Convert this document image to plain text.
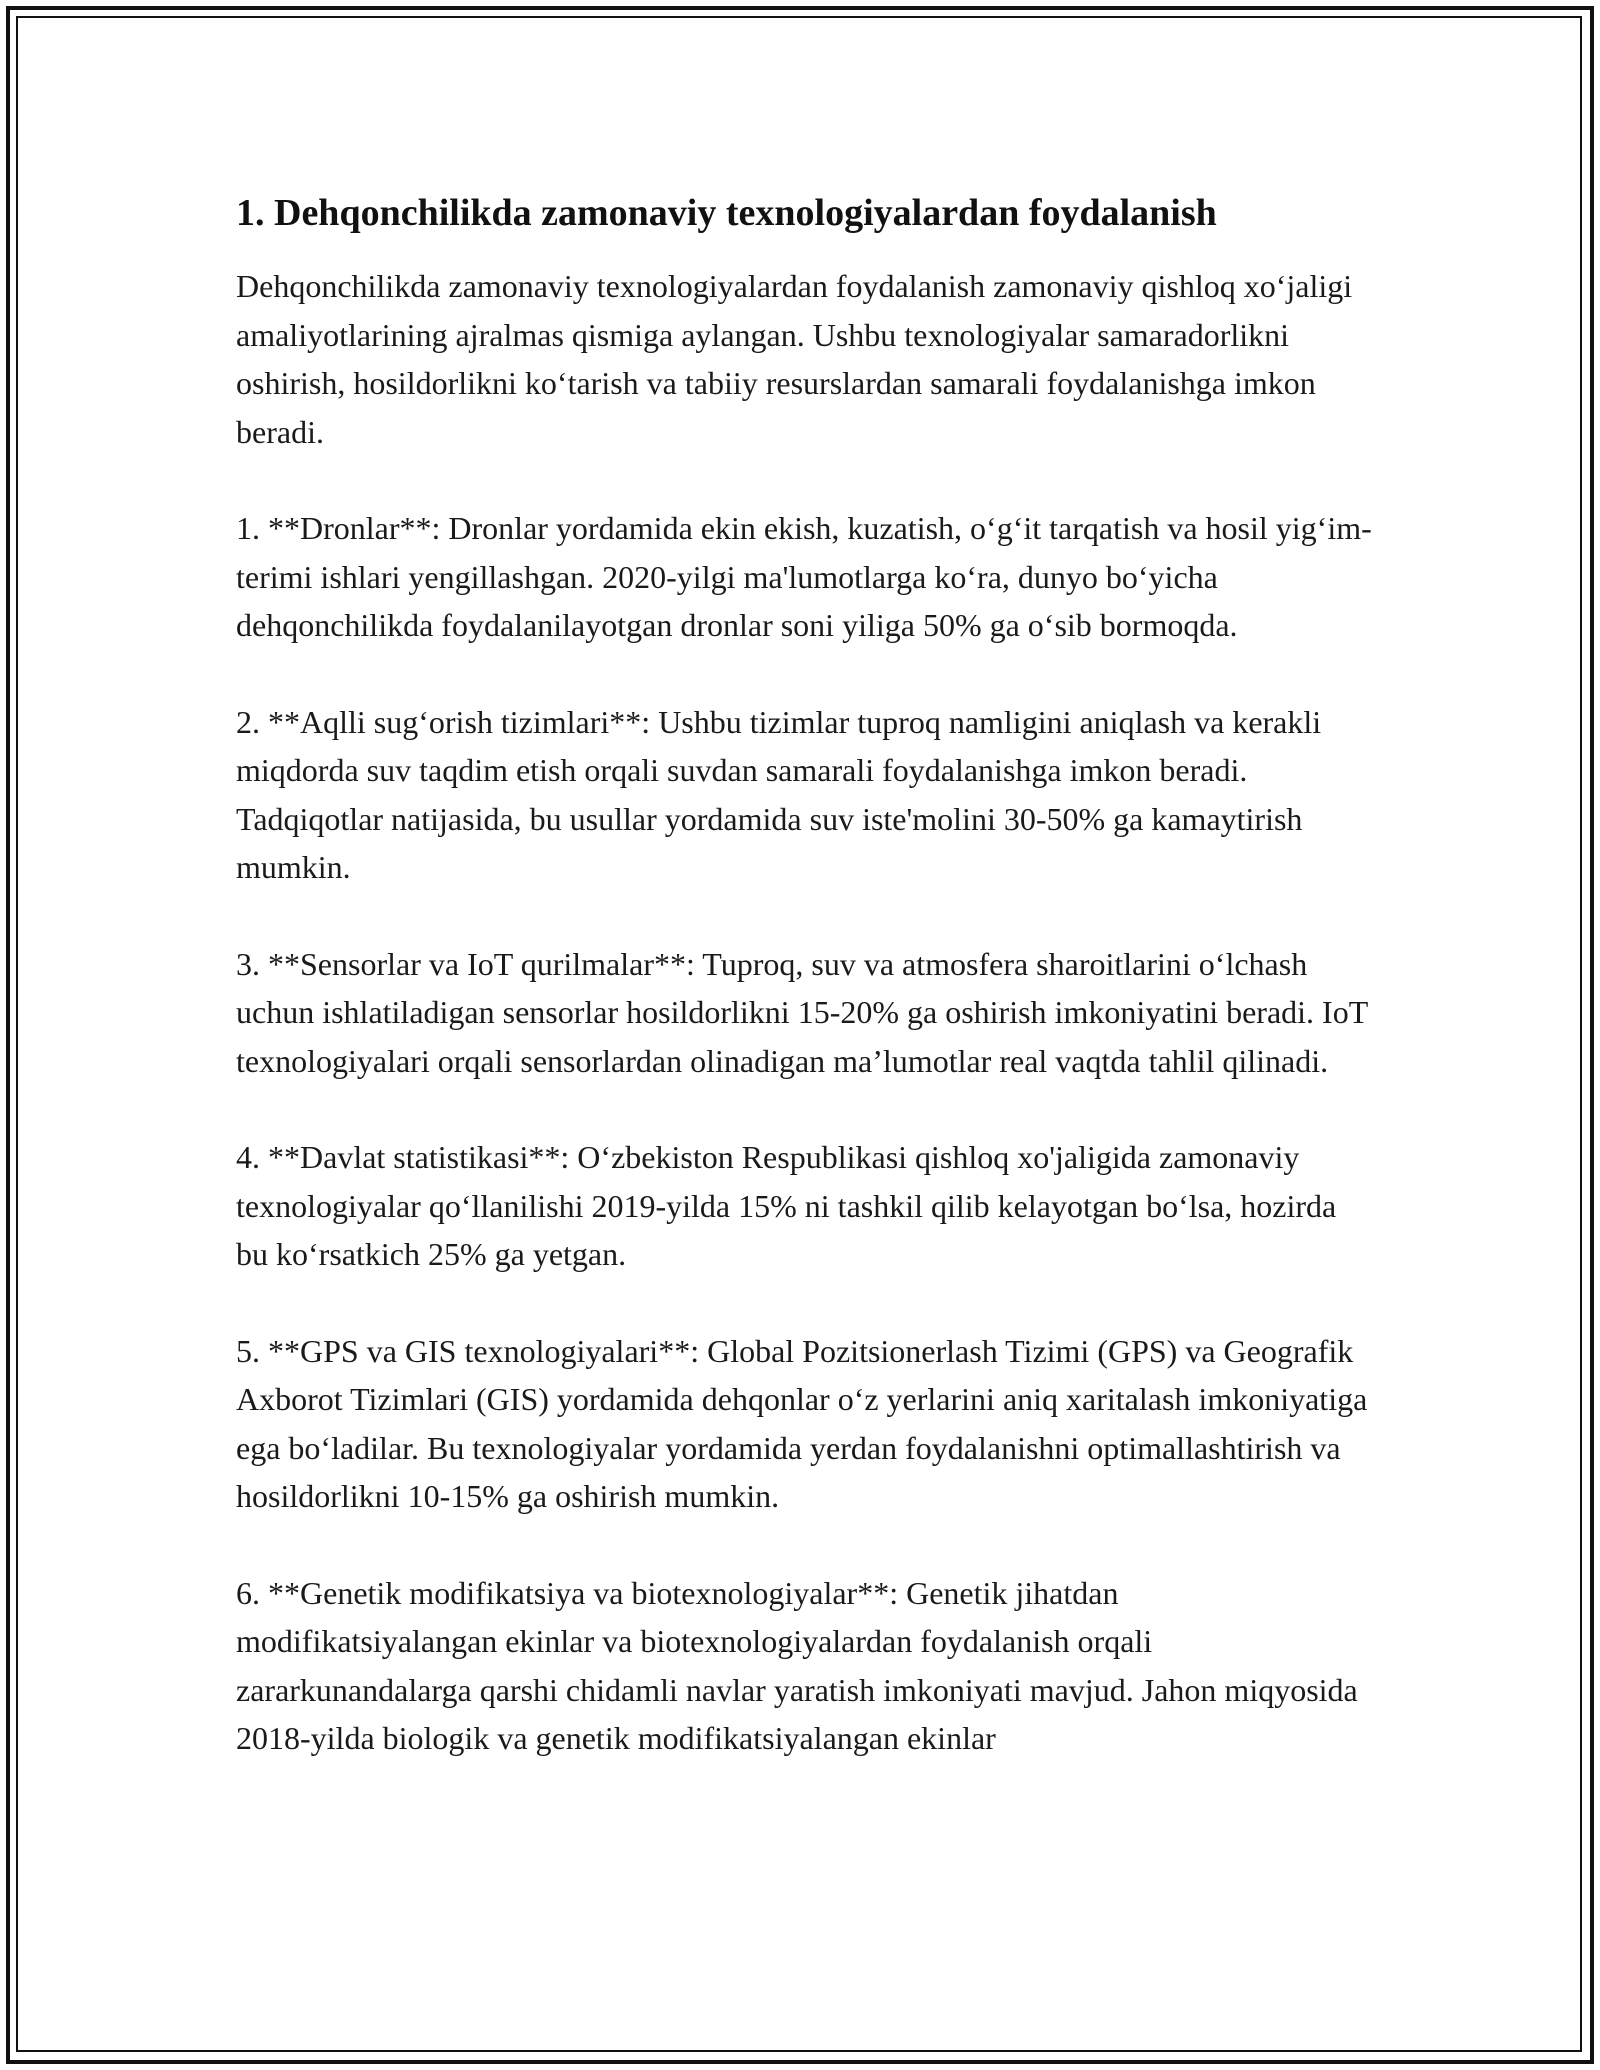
1. Dehqonchilikda zamonaviy texnologiyalardan foydalanish

Dehqonchilikda zamonaviy texnologiyalardan foydalanish zamonaviy qishloq xo‘jaligi amaliyotlarining ajralmas qismiga aylangan. Ushbu texnologiyalar samaradorlikni oshirish, hosildorlikni ko‘tarish va tabiiy resurslardan samarali foydalanishga imkon beradi.

1. **Dronlar**: Dronlar yordamida ekin ekish, kuzatish, o‘g‘it tarqatish va hosil yig‘im-terimi ishlari yengillashgan. 2020-yilgi ma'lumotlarga ko‘ra, dunyo bo‘yicha dehqonchilikda foydalanilayotgan dronlar soni yiliga 50% ga o‘sib bormoqda.

2. **Aqlli sug‘orish tizimlari**: Ushbu tizimlar tuproq namligini aniqlash va kerakli miqdorda suv taqdim etish orqali suvdan samarali foydalanishga imkon beradi. Tadqiqotlar natijasida, bu usullar yordamida suv iste'molini 30-50% ga kamaytirish mumkin.

3. **Sensorlar va IoT qurilmalar**: Tuproq, suv va atmosfera sharoitlarini o‘lchash uchun ishlatiladigan sensorlar hosildorlikni 15-20% ga oshirish imkoniyatini beradi. IoT texnologiyalari orqali sensorlardan olinadigan ma’lumotlar real vaqtda tahlil qilinadi.

4. **Davlat statistikasi**: O‘zbekiston Respublikasi qishloq xo'jaligida zamonaviy texnologiyalar qo‘llanilishi 2019-yilda 15% ni tashkil qilib kelayotgan bo‘lsa, hozirda bu ko‘rsatkich 25% ga yetgan.

5. **GPS va GIS texnologiyalari**: Global Pozitsionerlash Tizimi (GPS) va Geografik Axborot Tizimlari (GIS) yordamida dehqonlar o‘z yerlarini aniq xaritalash imkoniyatiga ega bo‘ladilar. Bu texnologiyalar yordamida yerdan foydalanishni optimallashtirish va hosildorlikni 10-15% ga oshirish mumkin.

6. **Genetik modifikatsiya va biotexnologiyalar**: Genetik jihatdan modifikatsiyalangan ekinlar va biotexnologiyalardan foydalanish orqali zararkunandalarga qarshi chidamli navlar yaratish imkoniyati mavjud. Jahon miqyosida 2018-yilda biologik va genetik modifikatsiyalangan ekinlar
